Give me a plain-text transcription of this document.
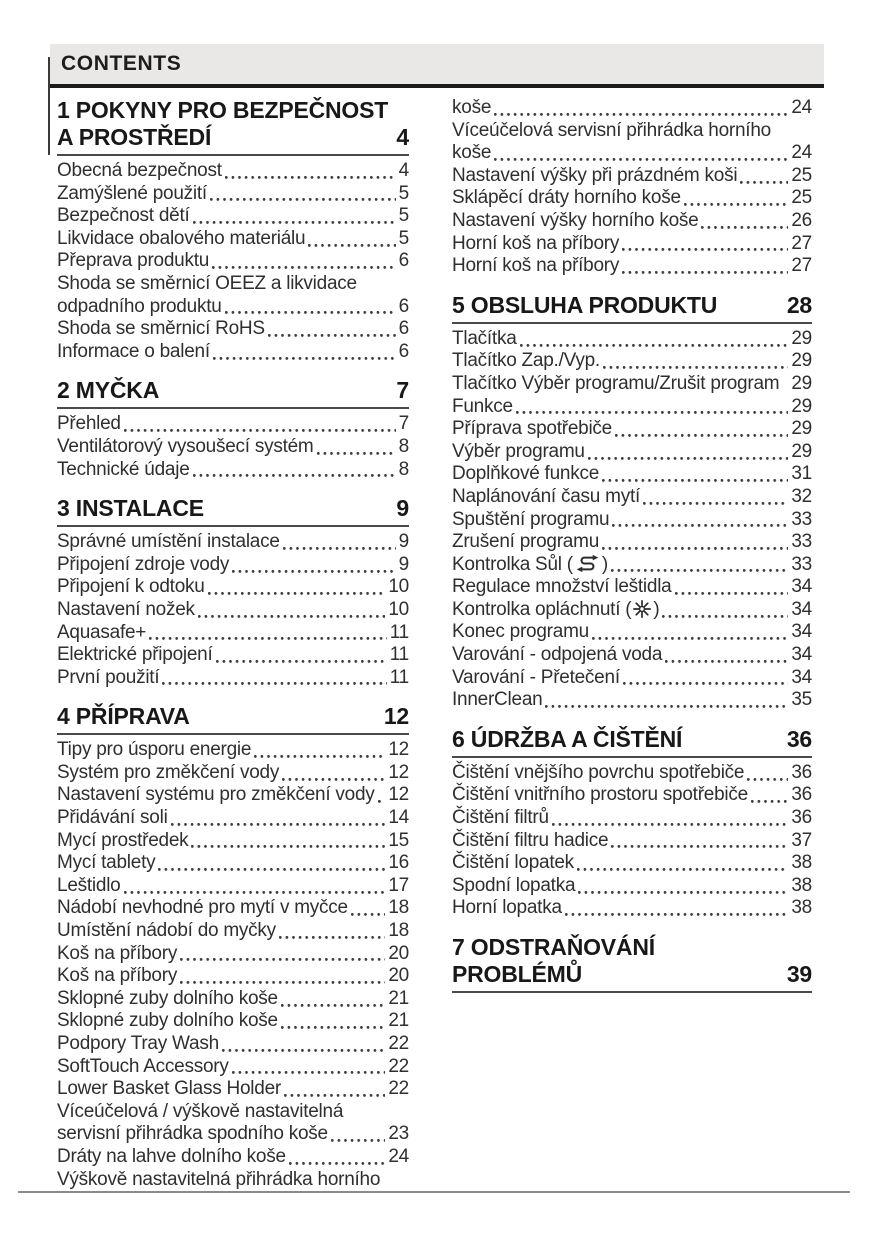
CONTENTS
1 POKYNY PRO BEZPEČNOST A PROSTŘEDÍ	4
Obecná bezpečnost	4
Zamýšlené použití	5
Bezpečnost dětí	5
Likvidace obalového materiálu	5
Přeprava produktu	6
Shoda se směrnicí OEEZ a likvidace
odpadního produktu	6
Shoda se směrnicí RoHS	6
Informace o balení	6
2 MYČKA	7
Přehled	7
Ventilátorový vysoušecí systém	8
Technické údaje	8
3 INSTALACE	9
Správné umístění instalace	9
Připojení zdroje vody	9
Připojení k odtoku	10
Nastavení nožek	10
Aquasafe+	11
Elektrické připojení	11
První použití	11
4 PŘÍPRAVA	12
Tipy pro úsporu energie	12
Systém pro změkčení vody	12
Nastavení systému pro změkčení vody 12
Přidávání soli	14
Mycí prostředek	15
Mycí tablety	16
Leštidlo	17
Nádobí nevhodné pro mytí v myčce 18
Umístění nádobí do myčky	18
Koš na příbory	20
Koš na příbory	20
Sklopné zuby dolního koše	21
Sklopné zuby dolního koše	21
Podpory Tray Wash	22
SoftTouch Accessory	22
Lower Basket Glass Holder	22
Víceúčelová / výškově nastavitelná
servisní přihrádka spodního koše	23
Dráty na lahve dolního koše	24
Výškově nastavitelná přihrádka horního
koše	24
Víceúčelová servisní přihrádka horního
koše	24
Nastavení výšky při prázdném koši	25
Sklápěcí dráty horního koše	25
Nastavení výšky horního koše	26
Horní koš na příbory	27
Horní koš na příbory	27
5 OBSLUHA PRODUKTU	28
Tlačítka	29
Tlačítko Zap./Vyp.	29
Tlačítko Výběr programu/Zrušit program 29
Funkce	29
Příprava spotřebiče	29
Výběr programu	29
Doplňkové funkce	31
Naplánování času mytí	32
Spuštění programu	33
Zrušení programu	33
Kontrolka Sůl ( )	33
Regulace množství leštidla	34
Kontrolka opláchnutí ( )	34
Konec programu	34
Varování - odpojená voda	34
Varování - Přetečení	34
InnerClean	35
6 ÚDRŽBA A ČIŠTĚNÍ	36
Čištění vnějšího povrchu spotřebiče 36
Čištění vnitřního prostoru spotřebiče 36
Čištění filtrů	36
Čištění filtru hadice	37
Čištění lopatek	38
Spodní lopatka	38
Horní lopatka	38
7 ODSTRAŇOVÁNÍ PROBLÉMŮ	39
